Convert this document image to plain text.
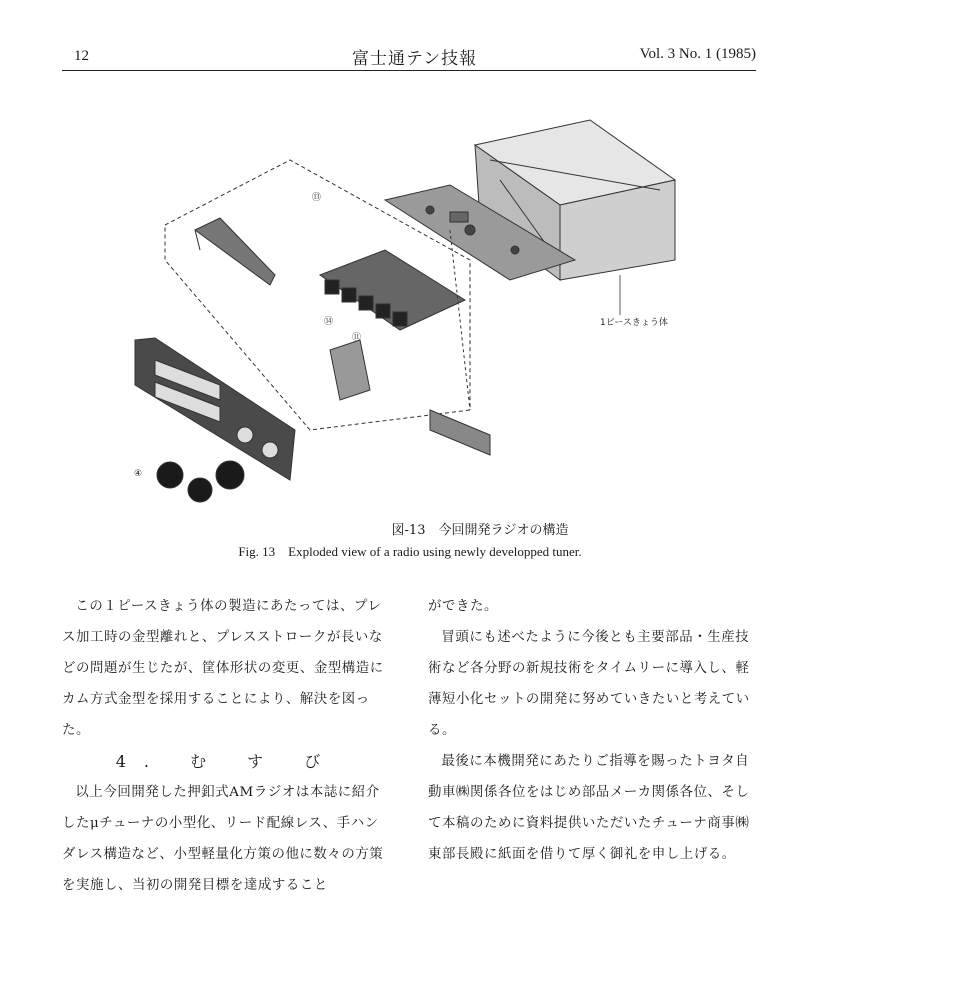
12	富士通テン技報	Vol. 3 No. 1 (1985)
1ピースきょう体
④
⑪
⑬
⑭
図-13　今回開発ラジオの構造
Fig. 13　Exploded view of a radio using newly developped tuner.

この１ピースきょう体の製造にあたっては、プレス加工時の金型離れと、プレスストロークが長いなどの問題が生じたが、筐体形状の変更、金型構造にカム方式金型を採用することにより、解決を図った。

4. む す び

以上今回開発した押釦式AMラジオは本誌に紹介したμチューナの小型化、リード配線レス、手ハンダレス構造など、小型軽量化方策の他に数々の方策を実施し、当初の開発目標を達成すること

ができた。

冒頭にも述べたように今後とも主要部品・生産技術など各分野の新規技術をタイムリーに導入し、軽薄短小化セットの開発に努めていきたいと考えている。

最後に本機開発にあたりご指導を賜ったトヨタ自動車㈱関係各位をはじめ部品メーカ関係各位、そして本稿のために資料提供いただいたチューナ商事㈱東部長殿に紙面を借りて厚く御礼を申し上げる。
